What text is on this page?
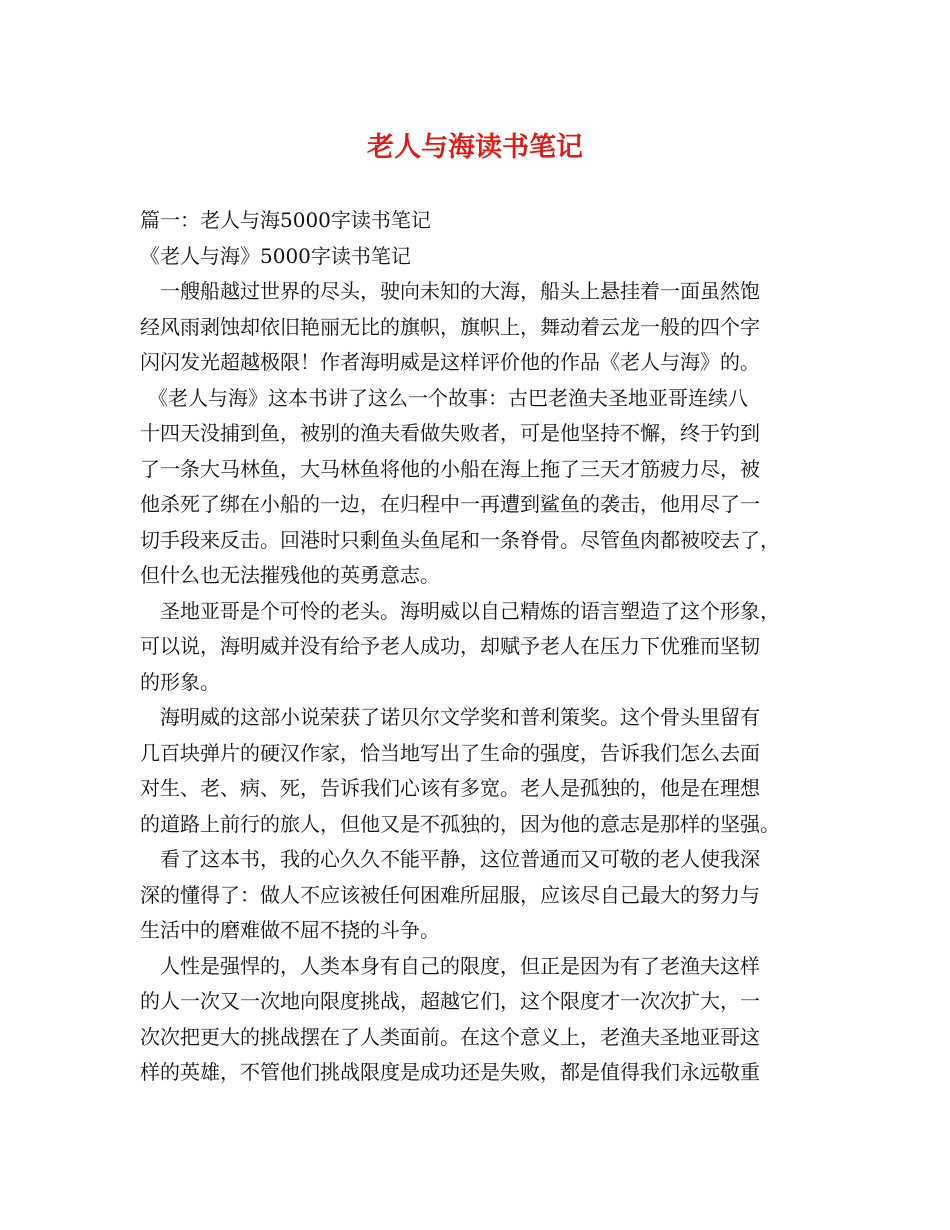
老人与海读书笔记
篇一：老人与海5000字读书笔记
《老人与海》5000字读书笔记
一艘船越过世界的尽头，驶向未知的大海，船头上悬挂着一面虽然饱
经风雨剥蚀却依旧艳丽无比的旗帜，旗帜上，舞动着云龙一般的四个字
闪闪发光超越极限！作者海明威是这样评价他的作品《老人与海》的。
《老人与海》这本书讲了这么一个故事：古巴老渔夫圣地亚哥连续八
十四天没捕到鱼，被别的渔夫看做失败者，可是他坚持不懈，终于钓到
了一条大马林鱼，大马林鱼将他的小船在海上拖了三天才筋疲力尽，被
他杀死了绑在小船的一边，在归程中一再遭到鲨鱼的袭击，他用尽了一
切手段来反击。回港时只剩鱼头鱼尾和一条脊骨。尽管鱼肉都被咬去了，
但什么也无法摧残他的英勇意志。
圣地亚哥是个可怜的老头。海明威以自己精炼的语言塑造了这个形象，
可以说，海明威并没有给予老人成功，却赋予老人在压力下优雅而坚韧
的形象。
海明威的这部小说荣获了诺贝尔文学奖和普利策奖。这个骨头里留有
几百块弹片的硬汉作家，恰当地写出了生命的强度，告诉我们怎么去面
对生、老、病、死，告诉我们心该有多宽。老人是孤独的，他是在理想
的道路上前行的旅人，但他又是不孤独的，因为他的意志是那样的坚强。
看了这本书，我的心久久不能平静，这位普通而又可敬的老人使我深
深的懂得了：做人不应该被任何困难所屈服，应该尽自己最大的努力与
生活中的磨难做不屈不挠的斗争。
人性是强悍的，人类本身有自己的限度，但正是因为有了老渔夫这样
的人一次又一次地向限度挑战，超越它们，这个限度才一次次扩大，一
次次把更大的挑战摆在了人类面前。在这个意义上，老渔夫圣地亚哥这
样的英雄，不管他们挑战限度是成功还是失败，都是值得我们永远敬重
